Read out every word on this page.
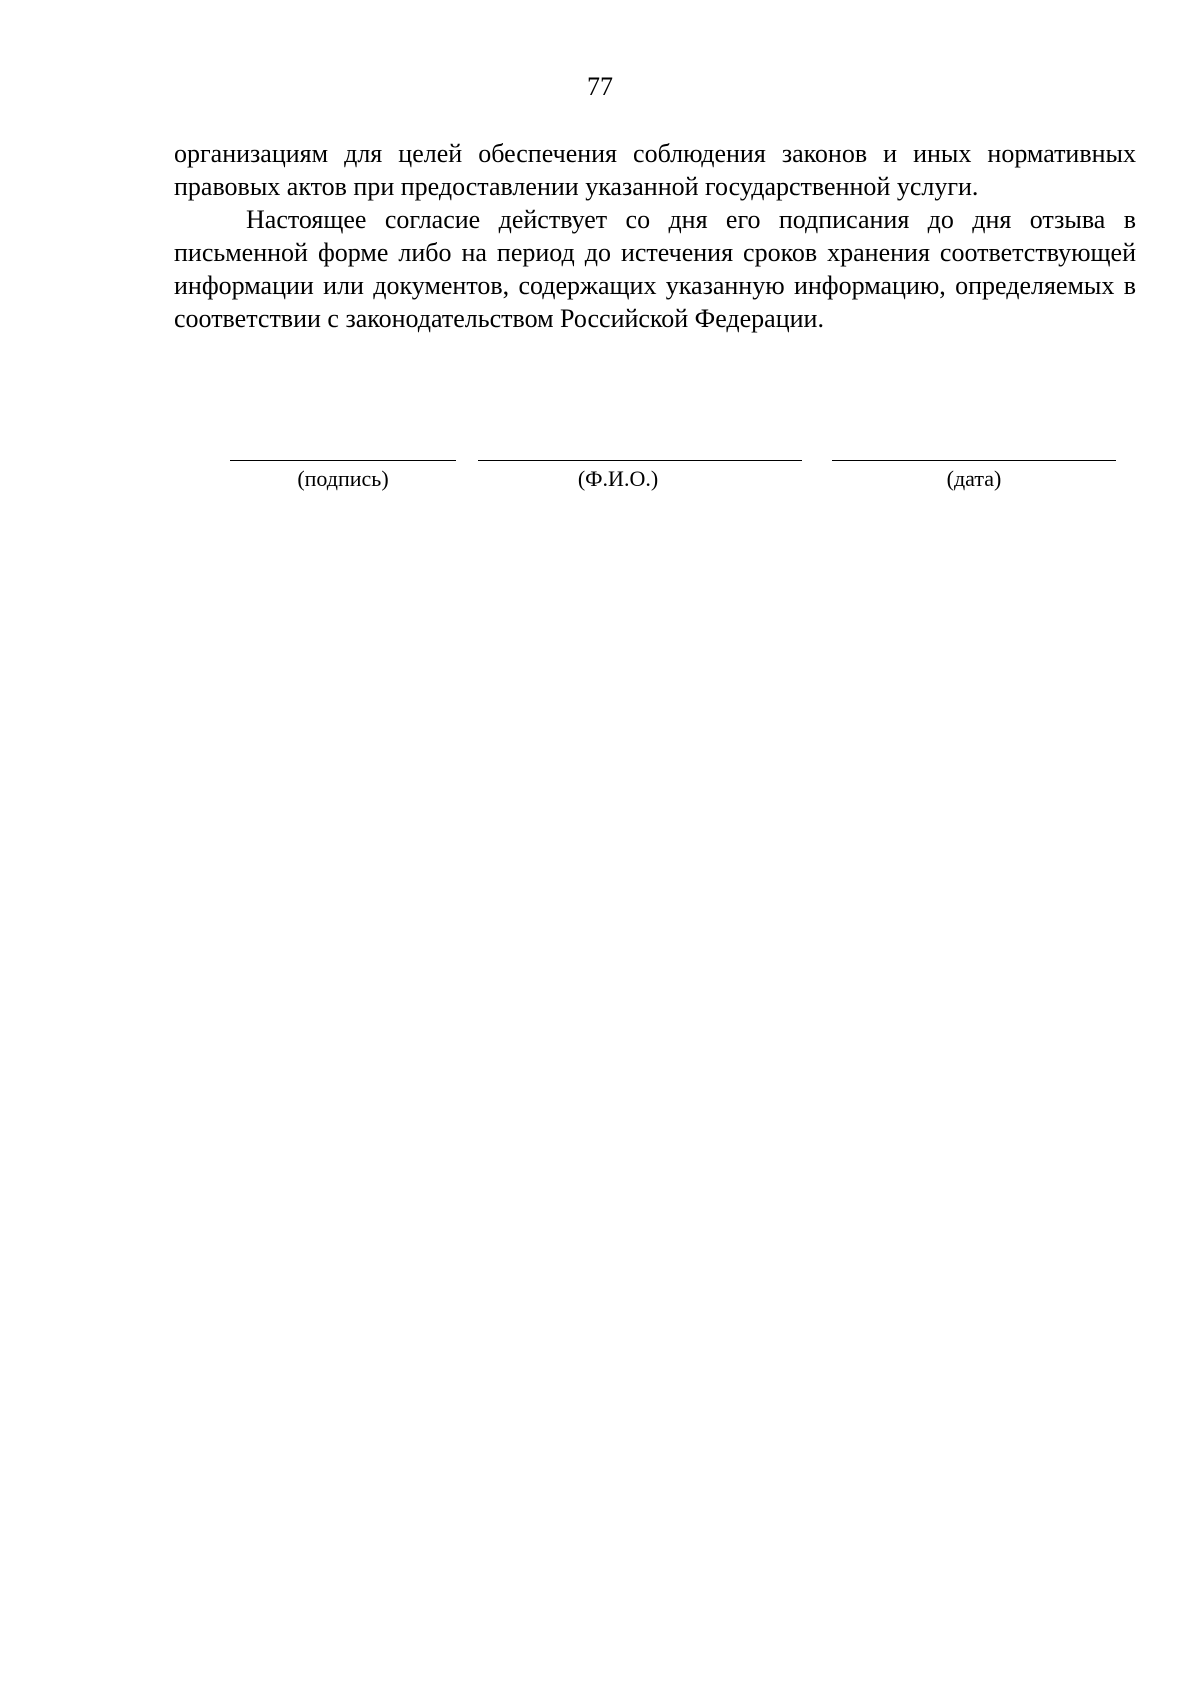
77

организациям для целей обеспечения соблюдения законов и иных нормативных правовых актов при предоставлении указанной государственной услуги.

Настоящее согласие действует со дня его подписания до дня отзыва в письменной форме либо на период до истечения сроков хранения соответствующей информации или документов, содержащих указанную информацию, определяемых в соответствии с законодательством Российской Федерации.

(подпись)	(Ф.И.О.)	(дата)
